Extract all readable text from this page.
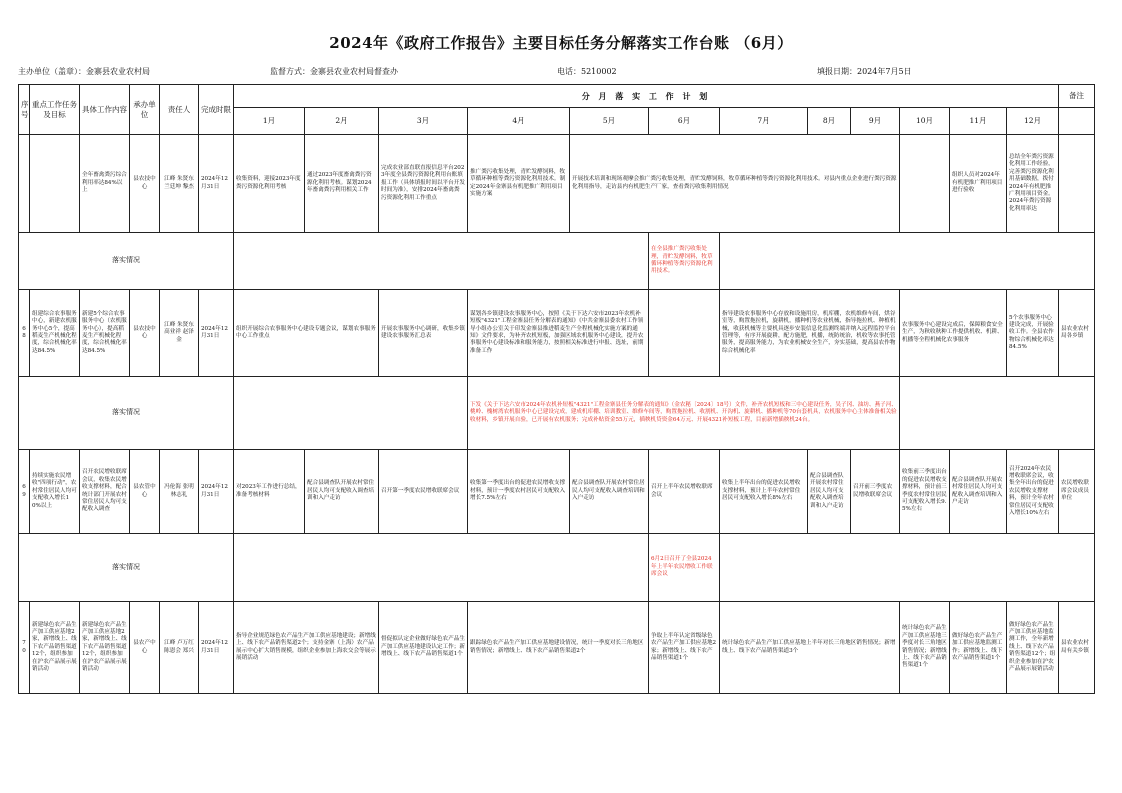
2024年《政府工作报告》主要目标任务分解落实工作台账 （6月）
主办单位（盖章）：金寨县农业农村局	监督方式：金寨县农业农村局督查办	电话：5210002	填报日期：2024年7月5日
序号	重点工作任务及目标	具体工作内容	承办单位	责任人	完成时限	分 月 落 实 工 作 计 划												备注
						1月	2月	3月	4月	5月	6月	7月	8月	9月	10月	11月	12月	
		全年畜禽粪污综合利用率达84%以上	县农技中心	江峰 朱贤东 兰廷坤 黎杰	2024年12月31日	收集资料，迎接2023年度粪污资源化利用考核	通过2023年度畜禽粪污资源化利用考核。谋划2024年畜禽粪污利用相关工作	完成农业部直联直报信息平台2023年度全县粪污资源化利用台账填报工作（具体填报时间以平台开发时间为准），安排2024年畜禽粪污资源化利用工作重点	推广粪污收集处理，青贮发酵饲料，牧草循环种植等粪污资源化利用技术。制定2024年金寨县有机肥推广利用项目实施方案	开展技术培训和现场观摩会推广粪污收集处理，青贮发酵饲料，牧草循环种植等粪污资源化利用技术。对县内重点企业进行粪污资源化利用指导，走访县内有机肥生产厂家，查看粪污收集利用情况						组织人员对2024年有机肥推广利用项目进行验收	总结全年粪污资源化利用工作经验，完善粪污资源化利用基础数据，拨付2024年有机肥推广利用项目资金。2024年粪污资源化利用率达	
落实情况											在全县推广粪污收集处理，青贮发酵饲料，牧草循环种植等粪污资源化利用技术。							
68	组建综合农事服务中心，新建农机服务中心5个，提高稻麦生产机械化程度，综合机械化率达84.5%	新建5个综合农事服务中心（农机服务中心），提高稻麦生产机械化程度，综合机械化率达84.5%	县农技中心	江峰 朱贤东 高业祥 赵泽金	2024年12月31日	组织开展综合农事服务中心建设专题会议，谋划农事服务中心工作重点		开展农事服务中心调研，收集乡镇建设农事服务汇总表	谋划各乡镇建设农事服务中心，按照《关于下达六安市2023年农机补短板"4321"工程金寨县任务分解表的通知》《中共金寨县委农村工作领导小组办公室关于印发金寨县推进稻麦生产全程机械化实施方案的通知》文件要求，为补齐农机短板，加强区域农机服务中心建设，提升农事服务中心建设标准和服务能力，按照相关标准进行申报、选址，前期准备工作			指导建设农事服务中心存放和设施用房，机库棚，农机维修车间，烘谷室等，购置拖拉机，旋耕机，播种机等农业机械，指导拖拉机、种植机械，收获机械等主要机具逐步安装信息化监测终端并纳入远程监控平台管理等，有序开展旋耕，配方施肥，机播，统防统治，机收等农事托管服务，提高服务能力，为农业机械安全生产，夯实基础，提高县农作物综合机械化率			农事服务中心建设完成后，保障粮食安全生产，为秋收秋种工作提供机收、机耕、机播等全程机械化农事服务		5个农事服务中心建设完成，开展验收工作。全县农作物综合机械化率达84.5%	县农业农村局各乡镇
落实情况									下发《关于下达六安市2024年农机补短板"4321"工程金寨县任务分解表的通知》（金农秘〔2024〕18号）文件，补齐农机短板和三中心建设任务，吴子冈、油坊、燕子河、桃岭、槐树湾农机服务中心已建设完成，建成机库棚、培训教室、维修车间等，购置拖拉机、收割机、开沟机、旋耕机、播种机等70台套机具，农机服务中心主体准备相关验收材料，乡镇开展自验，已开展有农机服务；完成补贴资金55万元，插秧机贷资金64万元、开展4321补短板工程，目前新增插秧机24台。									
69	持续实施农民增收"四项行动"，农村常住居民人均可支配收入增长10%以上	召开农民增收联席会议，收集农民增收支撑材料，配合统计部门开展农村常住居民人均可支配收入调查	县农管中心	冯伦海 张明 林志礼	2024年12月31日	对2023年工作进行总结，准备考核材料	配合县调查队开展农村常住居民人均可支配收入调查培训和入户走访	召开第一季度农民增收联席会议	收集第一季度出台的促进农民增收支撑材料，预计一季度农村居民可支配收入增长7.5%左右	配合县调查队开展农村常住居民人均可支配收入调查培训和入户走访	召开上半年农民增收联席会议	收集上半年出台的促进农民增收支撑材料，预计上半年农村常住居民可支配收入增长8%左右	配合县调查队开展农村常住居民人均可支配收入调查培训和入户走访	召开前三季度农民增收联席会议	收集前三季度出台的促进农民增收支撑材料，预计前三季度农村常住居民可支配收入增长9.5%左右	配合县调查队开展农村常住居民人均可支配收入调查培训和入户走访	召开2024年农民增收联席会议，收集全年出台的促进农民增收支撑材料，预计全年农村常住居民可支配收入增长10%左右	农民增收联席会议成员单位
落实情况											6月2日召开了全县2024年上半年农民增收工作联席会议							
70	新建绿色农产品生产加工供应基地2家，新增线上、线下农产品销售渠道12个，组织参加在沪农产品展示展销活动	新建绿色农产品生产加工供应基地2家，新增线上、线下农产品销售渠道12个，组织参加在沪农产品展示展销活动	县农产中心	江峰 卢万红 陈恩会 郑兴	2024年12月31日	指导企业规范绿色农产品生产加工供应基地建设；新增线上、线下农产品销售渠道2个；支持金寨（上海）农产品展示中心扩大销售规模，组织企业参加上海农交会等展示展销活动		督促拟认定企业做好绿色农产品生产加工供应基地建设认定工作；新增线上、线下农产品销售渠道1个	跟踪绿色农产品生产加工供应基地建设情况，统计一季度对长三角地区销售情况；新增线上、线下农产品销售渠道2个		争取上半年认定省级绿色农产品生产加工供应基地2家；新增线上、线下农产品销售渠道1个	统计绿色农产品生产加工供应基地上半年对长三角地区销售情况；新增线上、线下农产品销售渠道3个			统计绿色农产品生产加工供应基地三季度对长三角地区销售情况；新增线上、线下农产品销售渠道1个	做好绿色农产品生产加工供应基地监测工作；新增线上、线下农产品销售渠道1个	做好绿色农产品生产加工供应基地监测工作，全年新增线上、线下农产品销售渠道12个；组织企业参加在沪农产品展示展销活动	县农业农村局有关乡镇
